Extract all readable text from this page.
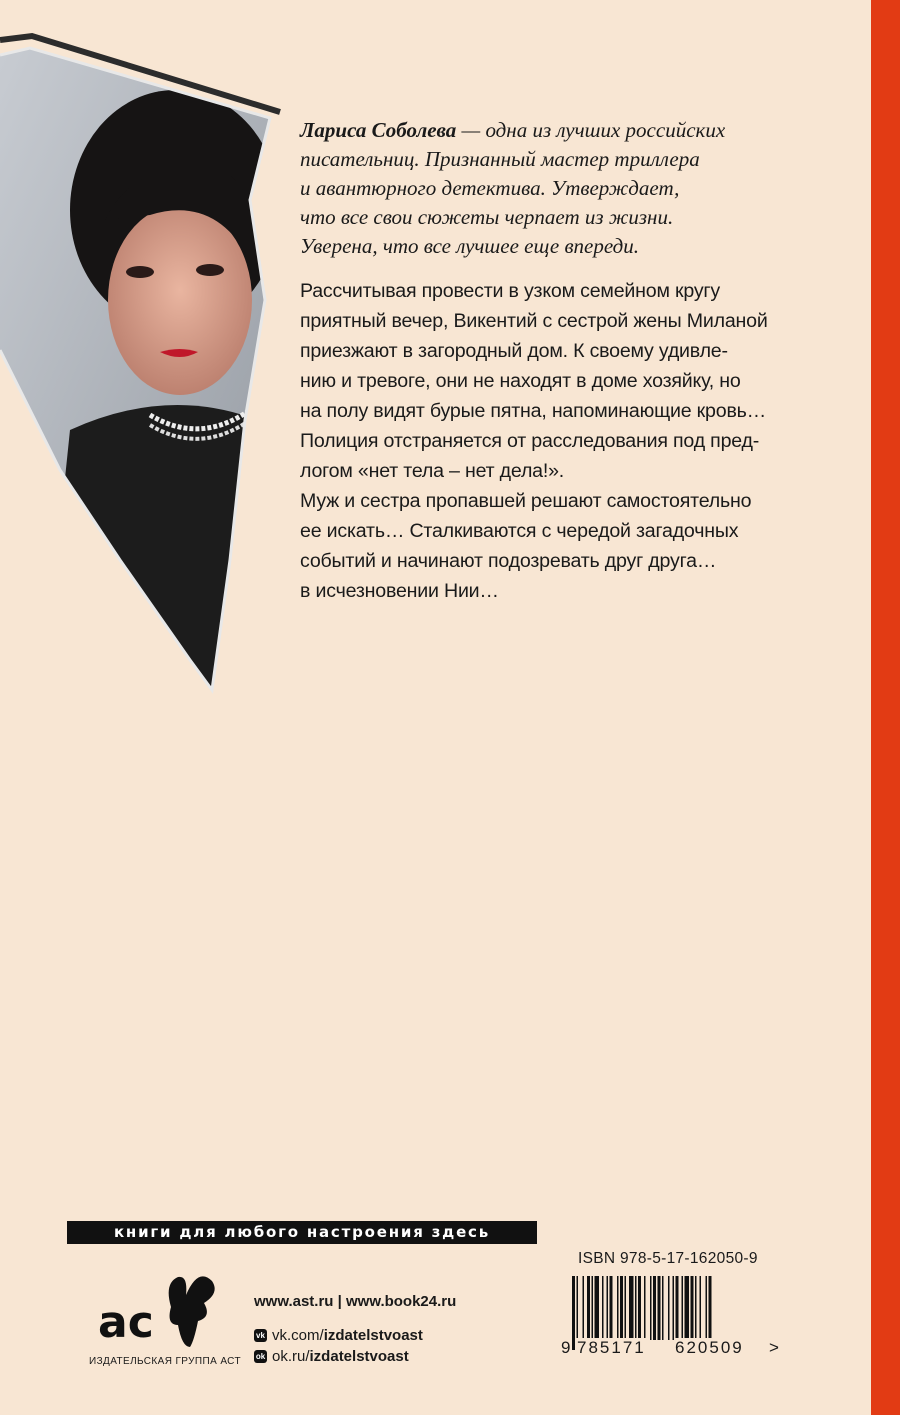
Лариса Соболева — одна из лучших российских
писательниц. Признанный мастер триллера
и авантюрного детектива. Утверждает,
что все свои сюжеты черпает из жизни.
Уверена, что все лучшее еще впереди.

Рассчитывая провести в узком семейном кругу
приятный вечер, Викентий с сестрой жены Миланой
приезжают в загородный дом. К своему удивле-
нию и тревоге, они не находят в доме хозяйку, но
на полу видят бурые пятна, напоминающие кровь…
Полиция отстраняется от расследования под пред-
логом «нет тела – нет дела!».
Муж и сестра пропавшей решают самостоятельно
ее искать… Сталкиваются с чередой загадочных
событий и начинают подозревать друг друга…
в исчезновении Нии…

книги для любого настроения здесь
ас
ИЗДАТЕЛЬСКАЯ ГРУППА АСТ
www.ast.ru | www.book24.ru
vk vk.com/ izdatelstvoast
ok ok.ru/ izdatelstvoast
ISBN 978-5-17-162050-9
9 785171 620509 >
